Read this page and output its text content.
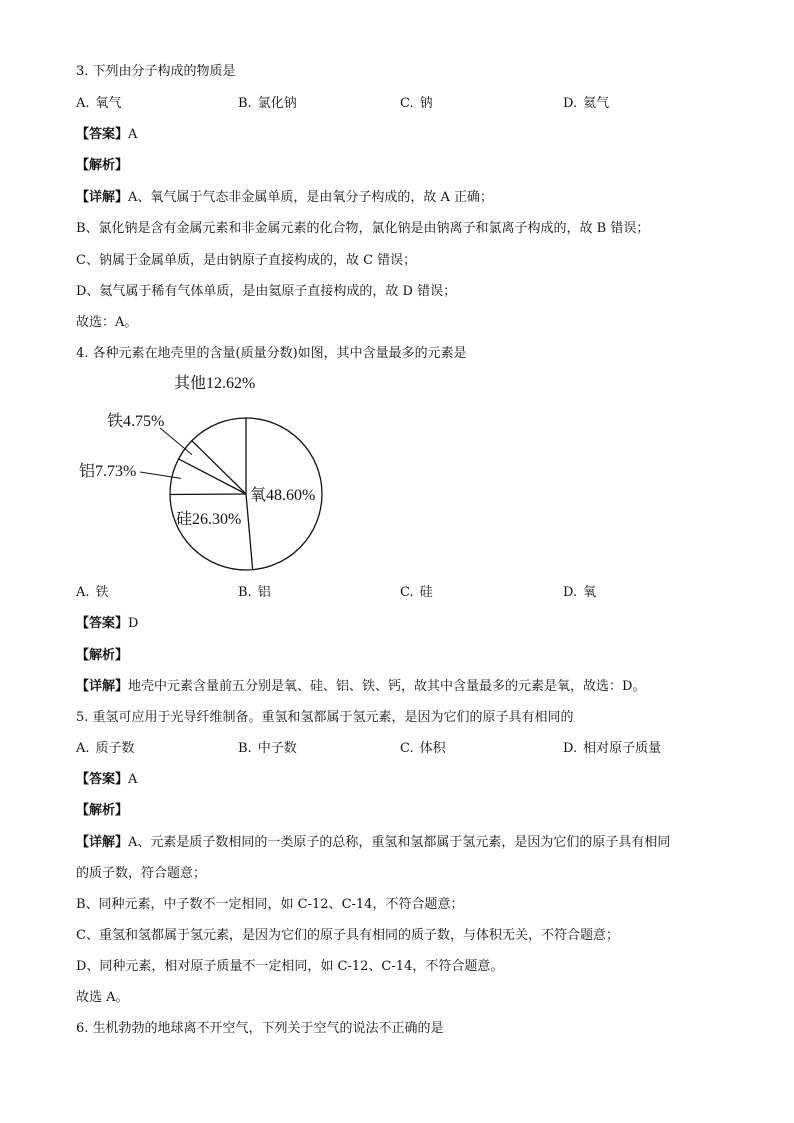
3. 下列由分子构成的物质是
A. 氧气	B. 氯化钠	C. 钠	D. 氦气
【答案】A
【解析】
【详解】A、氧气属于气态非金属单质，是由氧分子构成的，故 A 正确；
B、氯化钠是含有金属元素和非金属元素的化合物，氯化钠是由钠离子和氯离子构成的，故 B 错误；
C、钠属于金属单质，是由钠原子直接构成的，故 C 错误；
D、氦气属于稀有气体单质，是由氦原子直接构成的，故 D 错误；
故选：A。
4. 各种元素在地壳里的含量(质量分数)如图，其中含量最多的元素是
氧48.60%
硅26.30%
铝7.73%
铁4.75%
其他12.62%
A. 铁	B. 铝	C. 硅	D. 氧
【答案】D
【解析】
【详解】地壳中元素含量前五分别是氧、硅、铝、铁、钙，故其中含量最多的元素是氧，故选：D。
5. 重氢可应用于光导纤维制备。重氢和氢都属于氢元素，是因为它们的原子具有相同的
A. 质子数	B. 中子数	C. 体积	D. 相对原子质量
【答案】A
【解析】
【详解】A、元素是质子数相同的一类原子的总称，重氢和氢都属于氢元素，是因为它们的原子具有相同
的质子数，符合题意；
B、同种元素，中子数不一定相同，如 C-12、C-14，不符合题意；
C、重氢和氢都属于氢元素，是因为它们的原子具有相同的质子数，与体积无关，不符合题意；
D、同种元素，相对原子质量不一定相同，如 C-12、C-14，不符合题意。
故选 A。
6. 生机勃勃的地球离不开空气，下列关于空气的说法不正确的是
